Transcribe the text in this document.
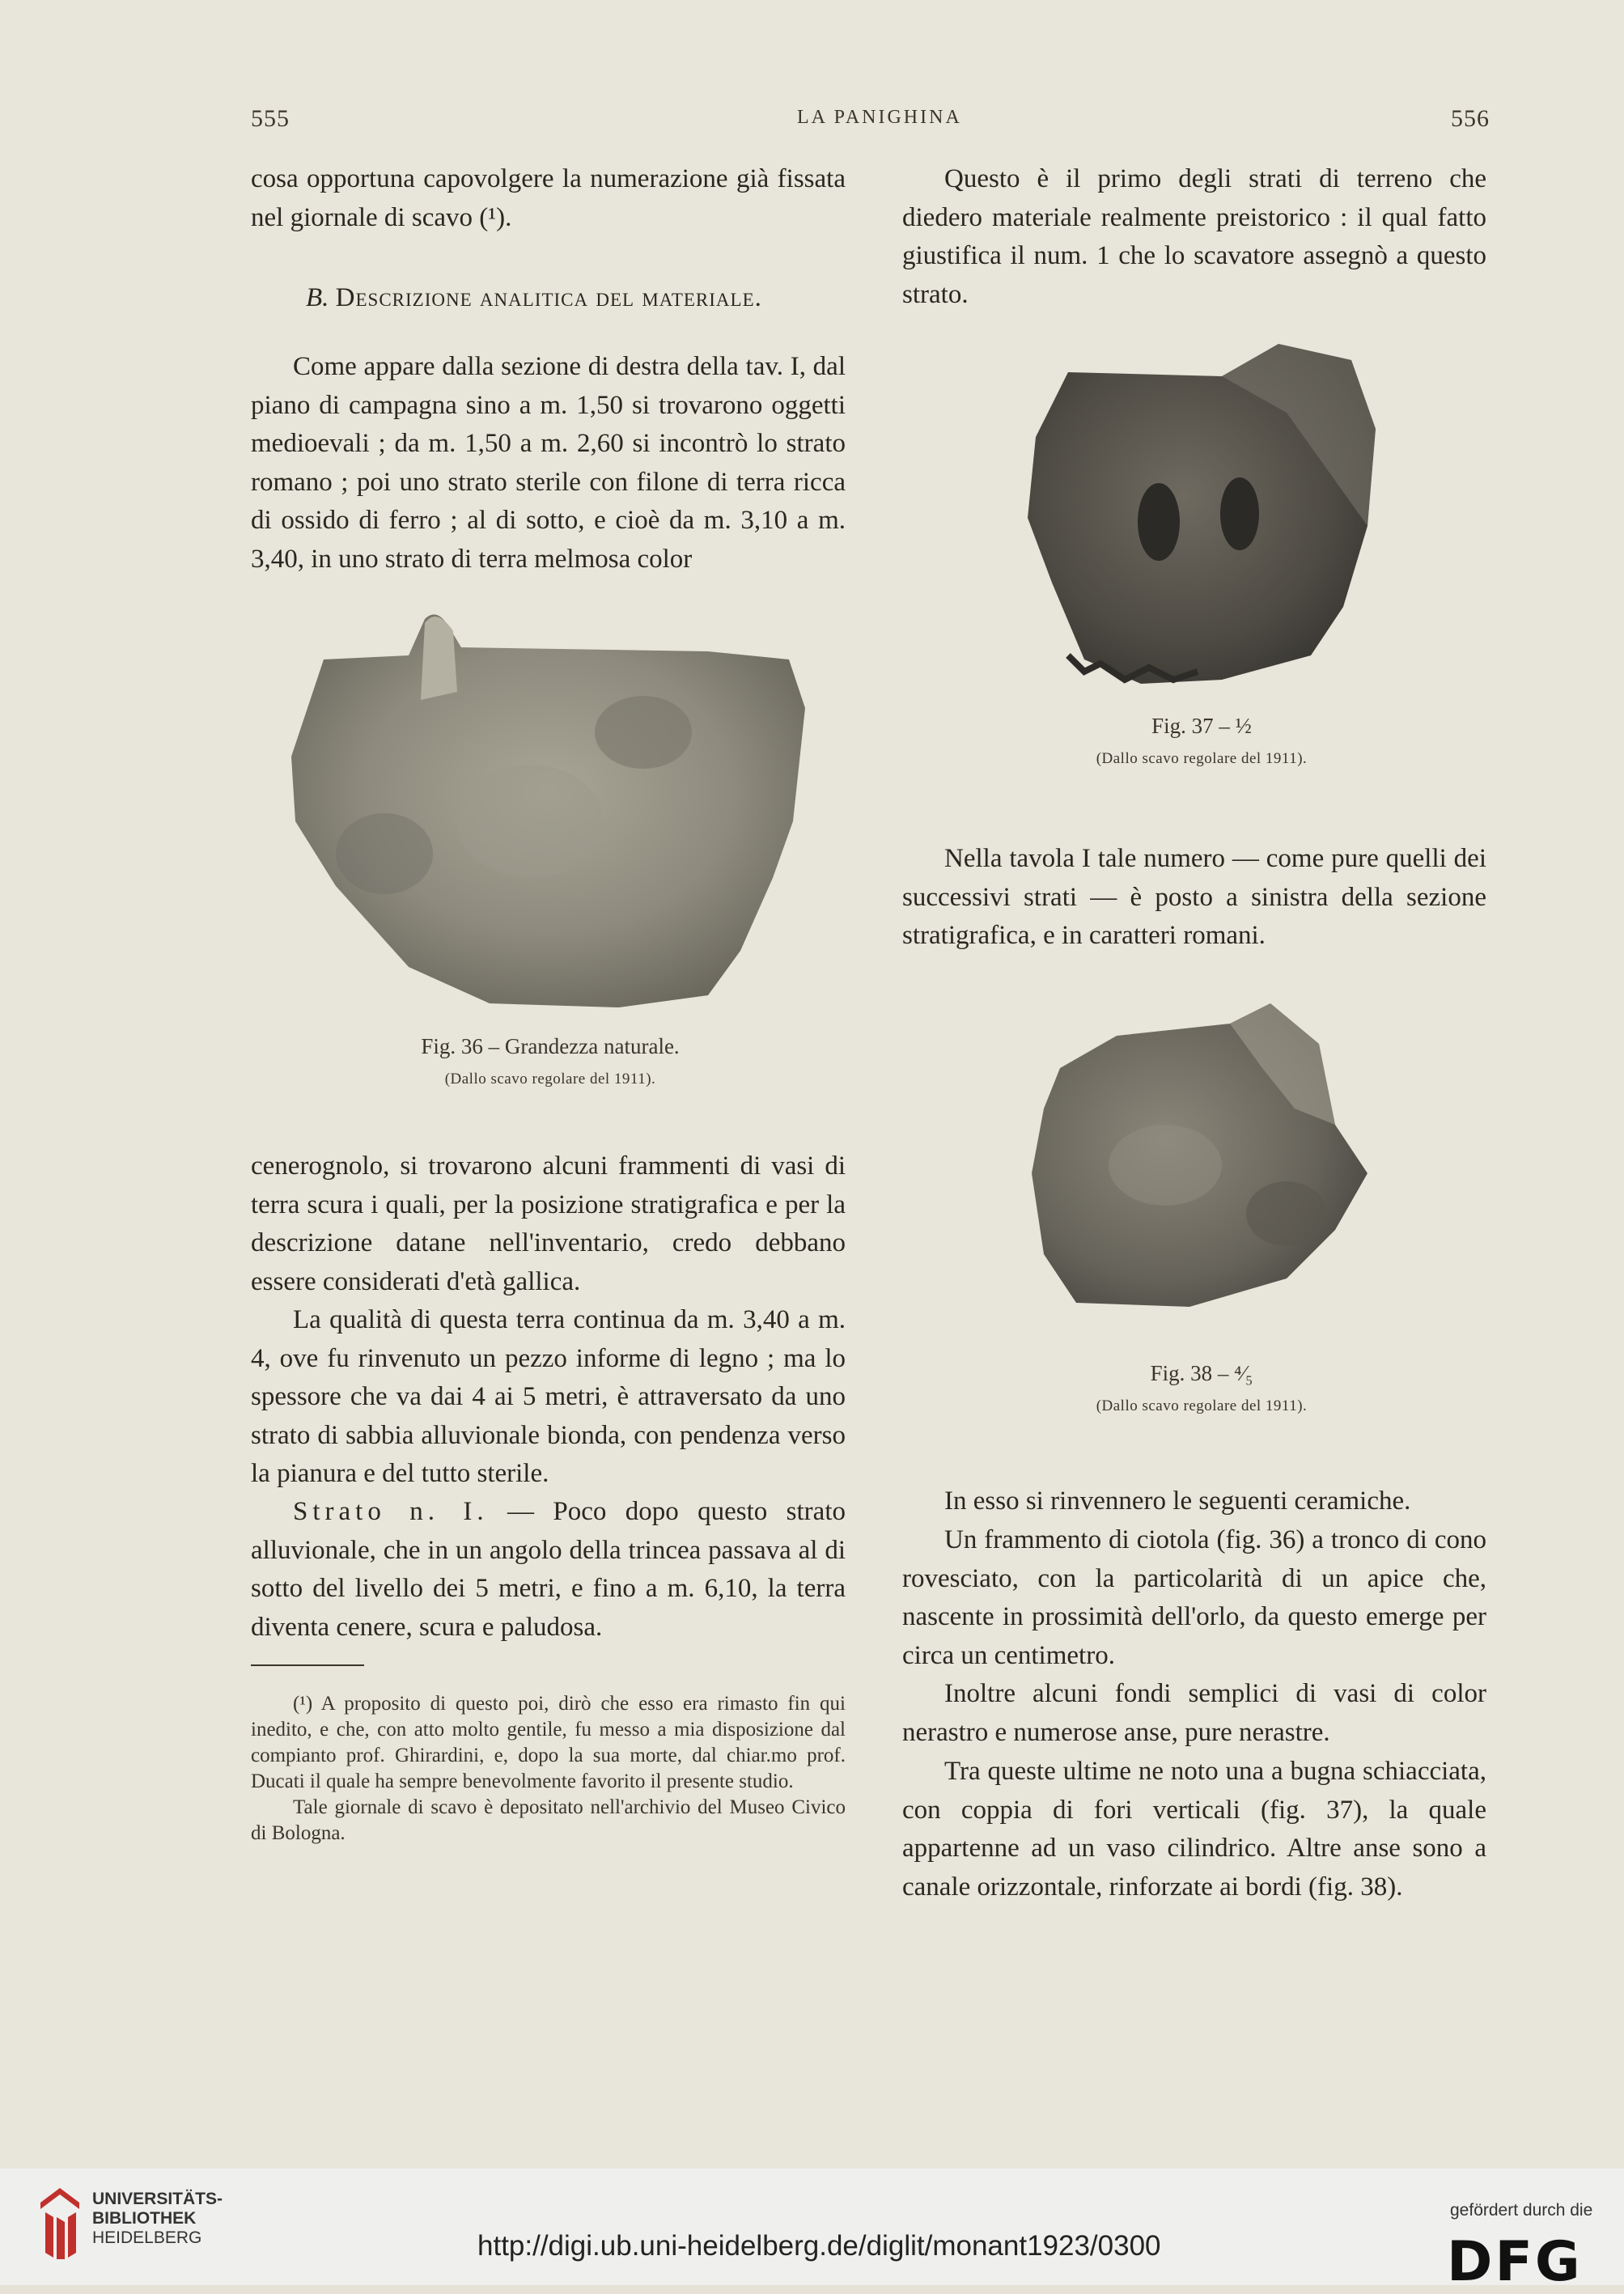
555	LA PANIGHINA	556

cosa opportuna capovolgere la numerazione già fissata nel giornale di scavo (¹).

B. Descrizione analitica del materiale.

Come appare dalla sezione di destra della tav. I, dal piano di campagna sino a m. 1,50 si trovarono oggetti medioevali ; da m. 1,50 a m. 2,60 si incontrò lo strato romano ; poi uno strato sterile con filone di terra ricca di ossido di ferro ; al di sotto, e cioè da m. 3,10 a m. 3,40, in uno strato di terra melmosa color

Fig. 36 – Grandezza naturale.
(Dallo scavo regolare del 1911).

cenerognolo, si trovarono alcuni frammenti di vasi di terra scura i quali, per la posizione stratigrafica e per la descrizione datane nell'inventario, credo debbano essere considerati d'età gallica.

La qualità di questa terra continua da m. 3,40 a m. 4, ove fu rinvenuto un pezzo informe di legno ; ma lo spessore che va dai 4 ai 5 metri, è attraversato da uno strato di sabbia alluvionale bionda, con pendenza verso la pianura e del tutto sterile.

Strato n. I. — Poco dopo questo strato alluvionale, che in un angolo della trincea passava al di sotto del livello dei 5 metri, e fino a m. 6,10, la terra diventa cenere, scura e paludosa.

(¹) A proposito di questo poi, dirò che esso era rimasto fin qui inedito, e che, con atto molto gentile, fu messo a mia disposizione dal compianto prof. Ghirardini, e, dopo la sua morte, dal chiar.mo prof. Ducati il quale ha sempre benevolmente favorito il presente studio.

Tale giornale di scavo è depositato nell'archivio del Museo Civico di Bologna.

Questo è il primo degli strati di terreno che diedero materiale realmente preistorico : il qual fatto giustifica il num. 1 che lo scavatore assegnò a questo strato.

Fig. 37 – ½
(Dallo scavo regolare del 1911).

Nella tavola I tale numero — come pure quelli dei successivi strati — è posto a sinistra della sezione stratigrafica, e in caratteri romani.

Fig. 38 – ⁴⁄₅
(Dallo scavo regolare del 1911).

In esso si rinvennero le seguenti ceramiche.

Un frammento di ciotola (fig. 36) a tronco di cono rovesciato, con la particolarità di un apice che, nascente in prossimità dell'orlo, da questo emerge per circa un centimetro.

Inoltre alcuni fondi semplici di vasi di color nerastro e numerose anse, pure nerastre.

Tra queste ultime ne noto una a bugna schiacciata, con coppia di fori verticali (fig. 37), la quale appartenne ad un vaso cilindrico. Altre anse sono a canale orizzontale, rinforzate ai bordi (fig. 38).

UNIVERSITÄTS-
BIBLIOTHEK
HEIDELBERG	http://digi.ub.uni-heidelberg.de/diglit/monant1923/0300
gefördert durch die
DFG
